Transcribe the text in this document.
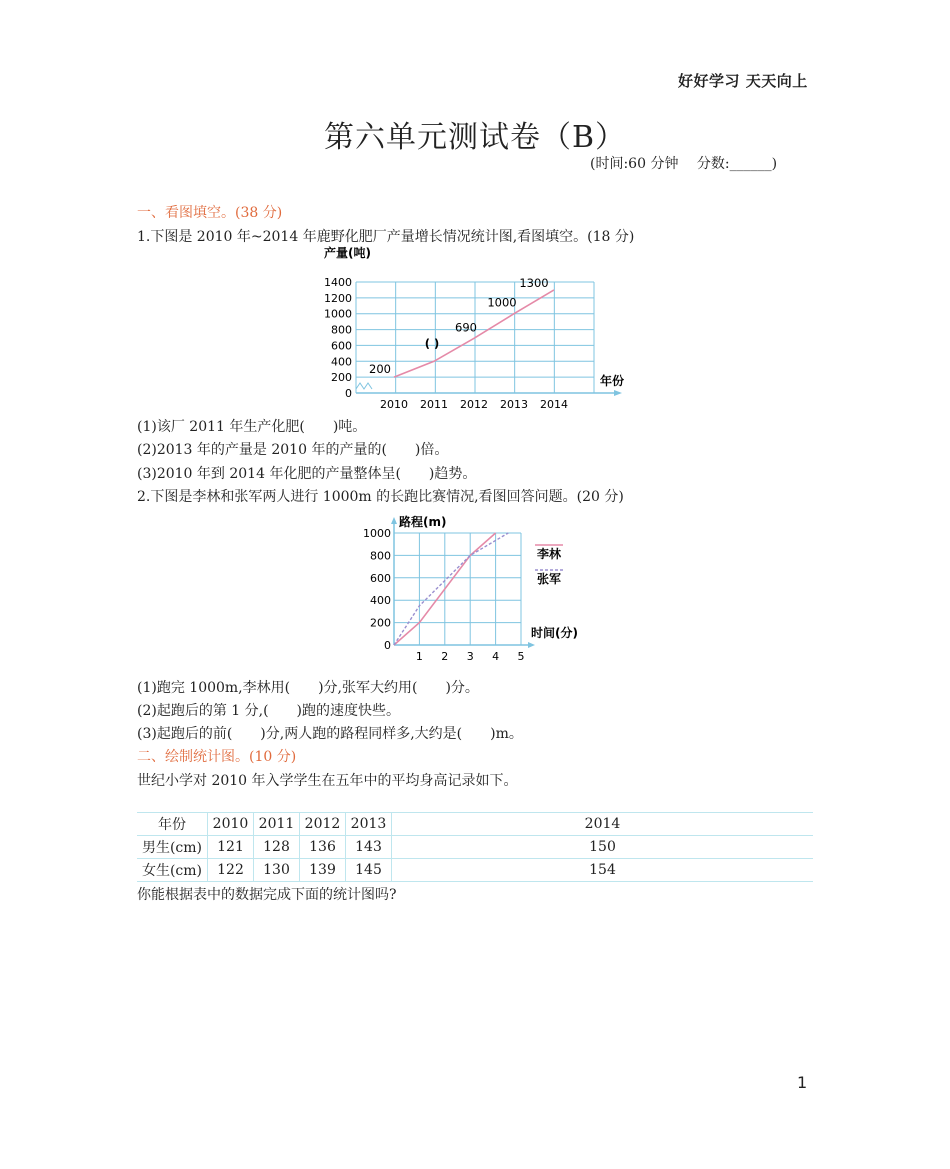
好好学习 天天向上
第六单元测试卷（B）
(时间:60 分钟　 分数:______)
一、看图填空。(38 分)
1.下图是 2010 年~2014 年鹿野化肥厂产量增长情况统计图,看图填空。(18 分)
产量(吨)
0
200
400
600
800
1000
1200
1400
2010 2011 2012 2013 2014
200
( )
690
1000
1300
年份
(1)该厂 2011 年生产化肥(　　)吨。
(2)2013 年的产量是 2010 年的产量的(　　)倍。
(3)2010 年到 2014 年化肥的产量整体呈(　　)趋势。
2.下图是李林和张军两人进行 1000m 的长跑比赛情况,看图回答问题。(20 分)
路程(m)
0
200
400
600
800
1000
1 2 3 4 5
时间(分)
李林
张军
(1)跑完 1000m,李林用(　　)分,张军大约用(　　)分。
(2)起跑后的第 1 分,(　　)跑的速度快些。
(3)起跑后的前(　　)分,两人跑的路程同样多,大约是(　　)m。
二、绘制统计图。(10 分)
世纪小学对 2010 年入学学生在五年中的平均身高记录如下。
年份	2010	2011	2012	2013	2014
男生(cm)	121	128	136	143	150
女生(cm)	122	130	139	145	154
你能根据表中的数据完成下面的统计图吗?
1
